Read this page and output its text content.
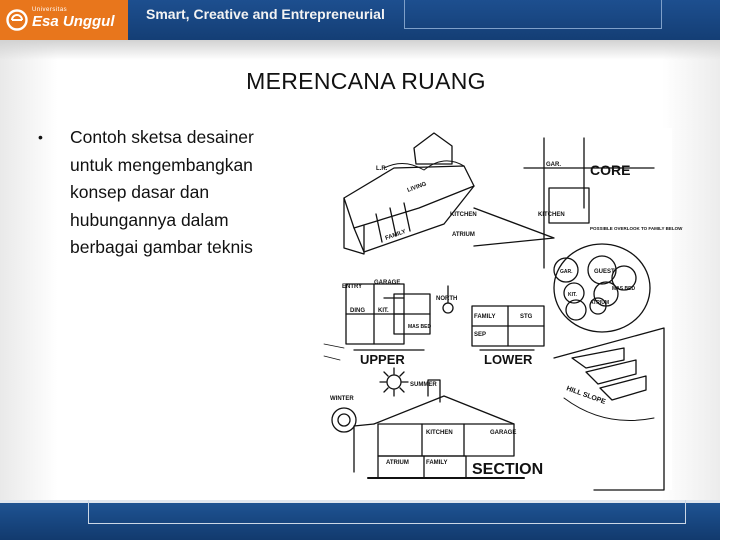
Universitas
Esa Unggul Smart, Creative and Entrepreneurial
MERENCANA RUANG
• Contoh sketsa desainer
untuk mengembangkan
konsep dasar dan
hubungannya dalam
berbagai gambar teknis
CORE
L.R.
GAR.
KITCHEN	KITCHEN
ATRIUM
LIVING
FAMILY
POSSIBLE OVERLOOK TO FAMILY BELOW
GUEST
GAR.
KIT.
MAS BED
ATRIUM
ENTRY
GARAGE
NORTH
DING KIT.
MAS BED
FAMILY	STG
SEP
UPPER	LOWER
SUMMER
WINTER	HILL SLOPE
KITCHEN	GARAGE
FAMILY
ATRIUM	SECTION
